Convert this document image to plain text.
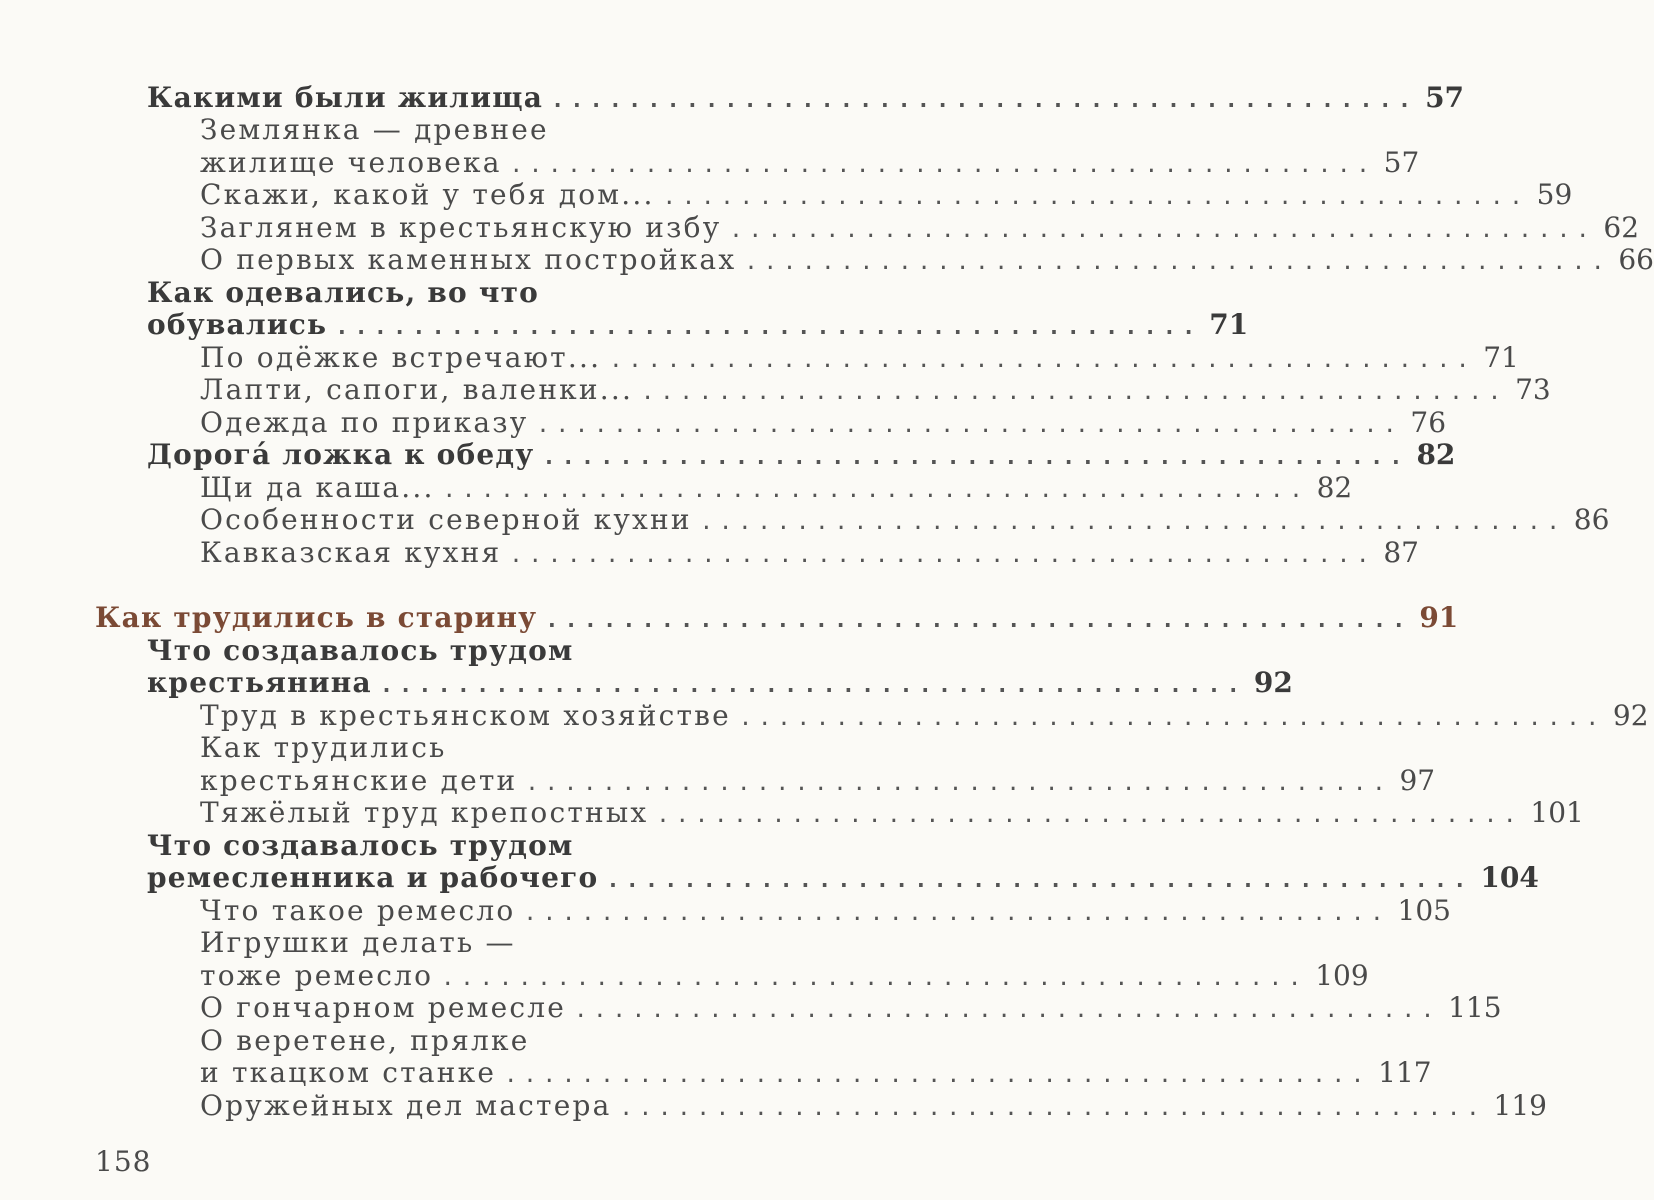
Какими были жилища ............................................. 57
Землянка — древнее
жилище человека ............................................. 57
Скажи, какой у тебя дом... ............................................. 59
Заглянем в крестьянскую избу ............................................. 62
О первых каменных постройках ............................................. 66
Как одевались, во что
обувались ............................................. 71
По одёжке встречают... ............................................. 71
Лапти, сапоги, валенки... ............................................. 73
Одежда по приказу ............................................. 76
Дорога́ ложка к обеду ............................................. 82
Щи да каша... ............................................. 82
Особенности северной кухни ............................................. 86
Кавказская кухня ............................................. 87
Как трудились в старину ............................................. 91
Что создавалось трудом
крестьянина ............................................. 92
Труд в крестьянском хозяйстве ............................................. 92
Как трудились
крестьянские дети ............................................. 97
Тяжёлый труд крепостных ............................................. 101
Что создавалось трудом
ремесленника и рабочего ............................................. 104
Что такое ремесло ............................................. 105
Игрушки делать —
тоже ремесло ............................................. 109
О гончарном ремесле ............................................. 115
О веретене, прялке
и ткацком станке ............................................. 117
Оружейных дел мастера ............................................. 119
158
